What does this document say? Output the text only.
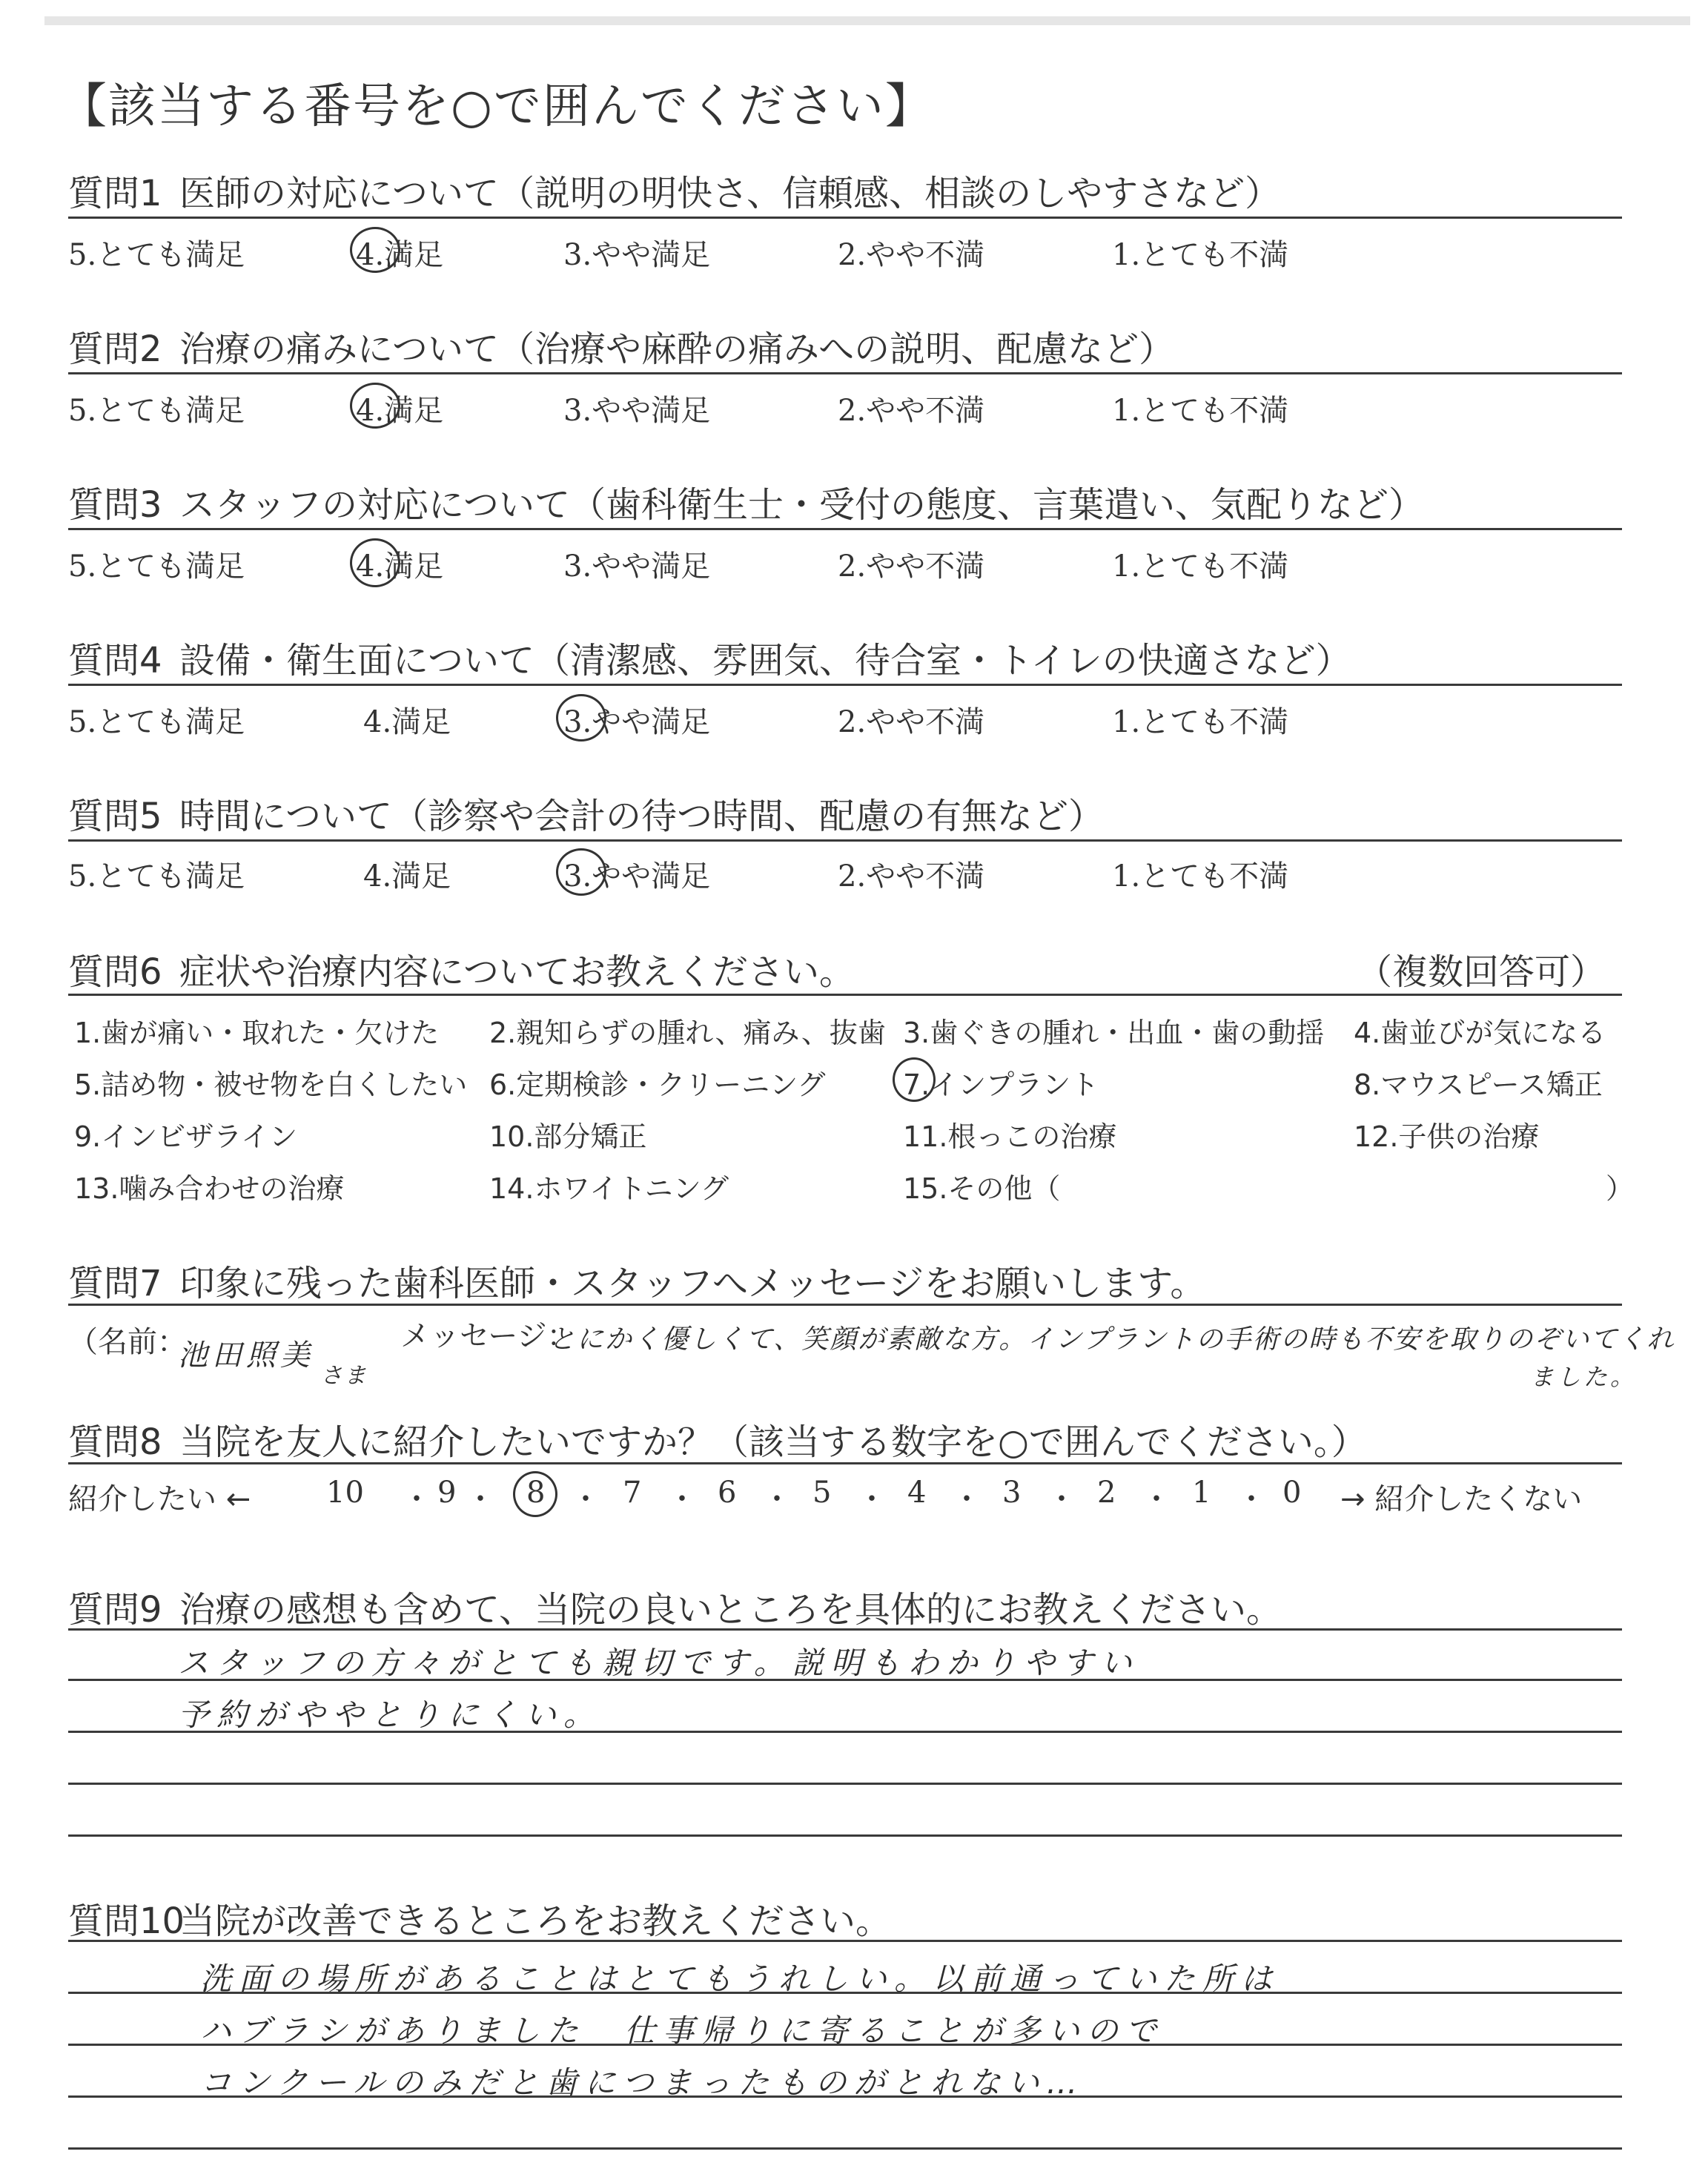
【該当する番号を○で囲んでください】
質問1 医師の対応について（説明の明快さ、信頼感、相談のしやすさなど）
5.とても満足	4.満足	3.やや満足	2.やや不満	1.とても不満
質問2 治療の痛みについて（治療や麻酔の痛みへの説明、配慮など）
5.とても満足	4.満足	3.やや満足	2.やや不満	1.とても不満
質問3 スタッフの対応について（歯科衛生士・受付の態度、言葉遣い、気配りなど）
5.とても満足	4.満足	3.やや満足	2.やや不満	1.とても不満
質問4 設備・衛生面について（清潔感、雰囲気、待合室・トイレの快適さなど）
5.とても満足	4.満足	3.やや満足	2.やや不満	1.とても不満
質問5 時間について（診察や会計の待つ時間、配慮の有無など）
5.とても満足	4.満足	3.やや満足	2.やや不満	1.とても不満
質問6 症状や治療内容についてお教えください。	（複数回答可）
1.歯が痛い・取れた・欠けた 2.親知らずの腫れ、痛み、抜歯 3.歯ぐきの腫れ・出血・歯の動揺 4.歯並びが気になる
5.詰め物・被せ物を白くしたい 6.定期検診・クリーニング	7.インプラント	8.マウスピース矯正
9.インビザライン	10.部分矯正	11.根っこの治療	12.子供の治療
13.噛み合わせの治療	14.ホワイトニング	15.その他（	）
質問7 印象に残った歯科医師・スタッフへメッセージをお願いします。
（名前：
池田照美
さま
メッセージ：
とにかく優しくて、笑顔が素敵な方。インプラントの手術の時も不安を取りのぞいてくれ
ました。
質問8 当院を友人に紹介したいですか？（該当する数字を○で囲んでください。）
紹介したい ←	10 ・ 9 ・ 8 ・ 7 ・ 6 ・ 5 ・ 4 ・ 3 ・ 2 ・ 1 ・ 0 → 紹介したくない
質問9 治療の感想も含めて、当院の良いところを具体的にお教えください。
スタッフの方々がとても親切です。説明もわかりやすい
予約がややとりにくい。
質問10当院が改善できるところをお教えください。
洗面の場所があることはとてもうれしい。以前通っていた所は
ハブラシがありました　仕事帰りに寄ることが多いので
コンクールのみだと歯につまったものがとれない…
